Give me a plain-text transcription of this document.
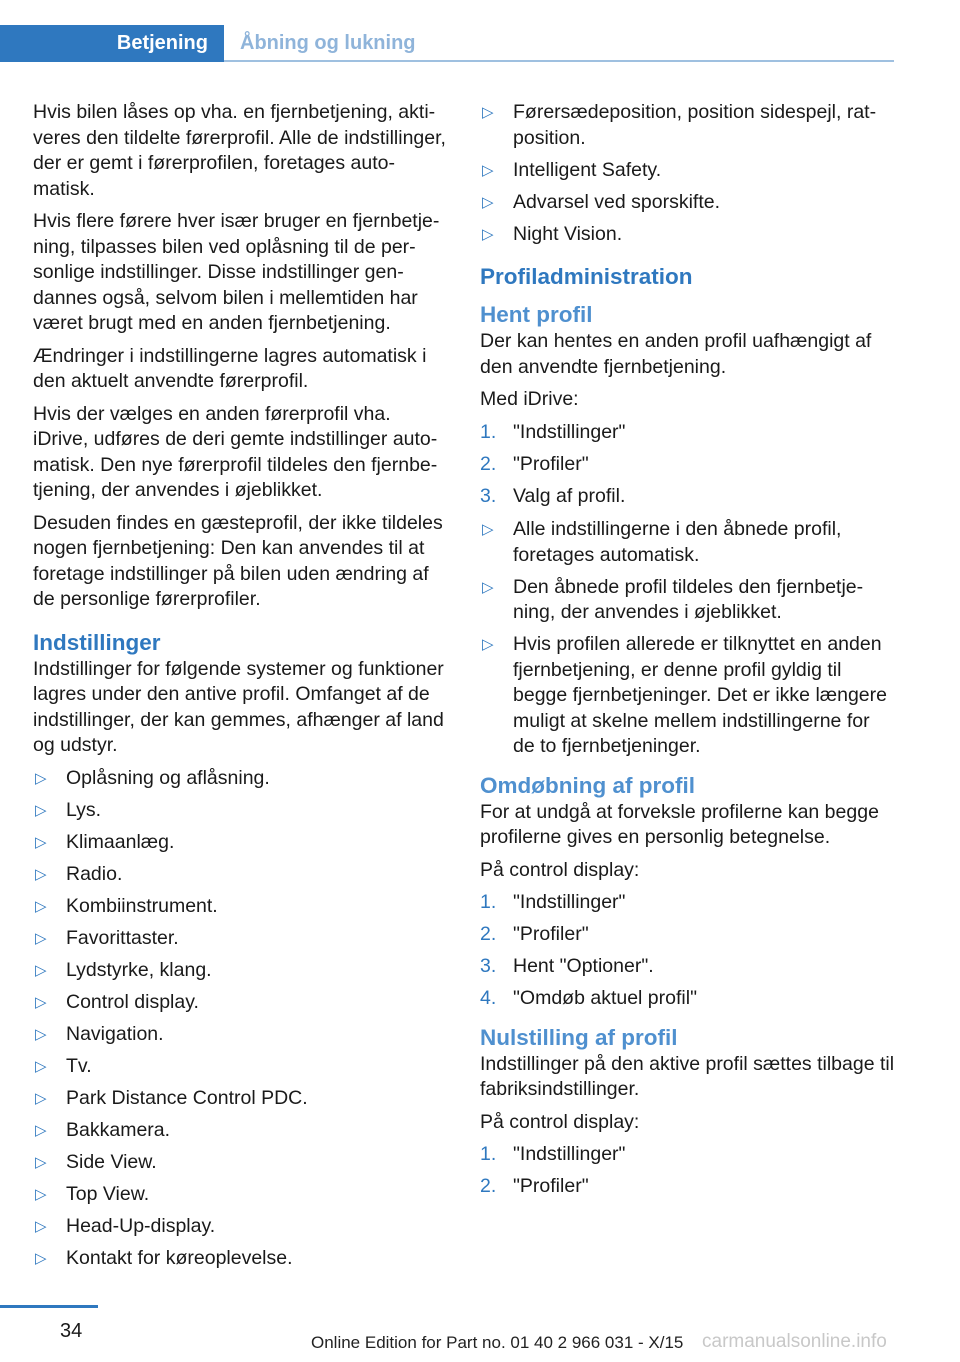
Betjening	Åbning og lukning

Hvis bilen låses op vha. en fjernbetjening, aktiveres den tildelte førerprofil. Alle de indstillinger, der er gemt i førerprofilen, foretages automatisk.

Hvis flere førere hver især bruger en fjernbetjening, tilpasses bilen ved oplåsning til de personlige indstillinger. Disse indstillinger gendannes også, selvom bilen i mellemtiden har været brugt med en anden fjernbetjening.

Ændringer i indstillingerne lagres automatisk i den aktuelt anvendte førerprofil.

Hvis der vælges en anden førerprofil vha. iDrive, udføres de deri gemte indstillinger automatisk. Den nye førerprofil tildeles den fjernbetjening, der anvendes i øjeblikket.

Desuden findes en gæsteprofil, der ikke tildeles nogen fjernbetjening: Den kan anvendes til at foretage indstillinger på bilen uden ændring af de personlige førerprofiler.

Indstillinger

Indstillinger for følgende systemer og funktioner lagres under den antive profil. Omfanget af de indstillinger, der kan gemmes, afhænger af land og udstyr.

▷ Oplåsning og aflåsning.
▷ Lys.
▷ Klimaanlæg.
▷ Radio.
▷ Kombiinstrument.
▷ Favorittaster.
▷ Lydstyrke, klang.
▷ Control display.
▷ Navigation.
▷ Tv.
▷ Park Distance Control PDC.
▷ Bakkamera.
▷ Side View.
▷ Top View.
▷ Head-Up-display.
▷ Kontakt for køreoplevelse.
▷ Førersædeposition, position sidespejl, ratposition.
▷ Intelligent Safety.
▷ Advarsel ved sporskifte.
▷ Night Vision.
Profiladministration
Hent profil

Der kan hentes en anden profil uafhængigt af den anvendte fjernbetjening.

Med iDrive:

1. "Indstillinger"
2. "Profiler"
3. Valg af profil.
▷ Alle indstillingerne i den åbnede profil, foretages automatisk.
▷ Den åbnede profil tildeles den fjernbetjening, der anvendes i øjeblikket.
▷ Hvis profilen allerede er tilknyttet en anden fjernbetjening, er denne profil gyldig til begge fjernbetjeninger. Det er ikke længere muligt at skelne mellem indstillingerne for de to fjernbetjeninger.
Omdøbning af profil

For at undgå at forveksle profilerne kan begge profilerne gives en personlig betegnelse.

På control display:

1. "Indstillinger"
2. "Profiler"
3. Hent "Optioner".
4. "Omdøb aktuel profil"
Nulstilling af profil

Indstillinger på den aktive profil sættes tilbage til fabriksindstillinger.

På control display:

1. "Indstillinger"
2. "Profiler"
34
Online Edition for Part no. 01 40 2 966 031 - X/15 carmanualsonline.info
